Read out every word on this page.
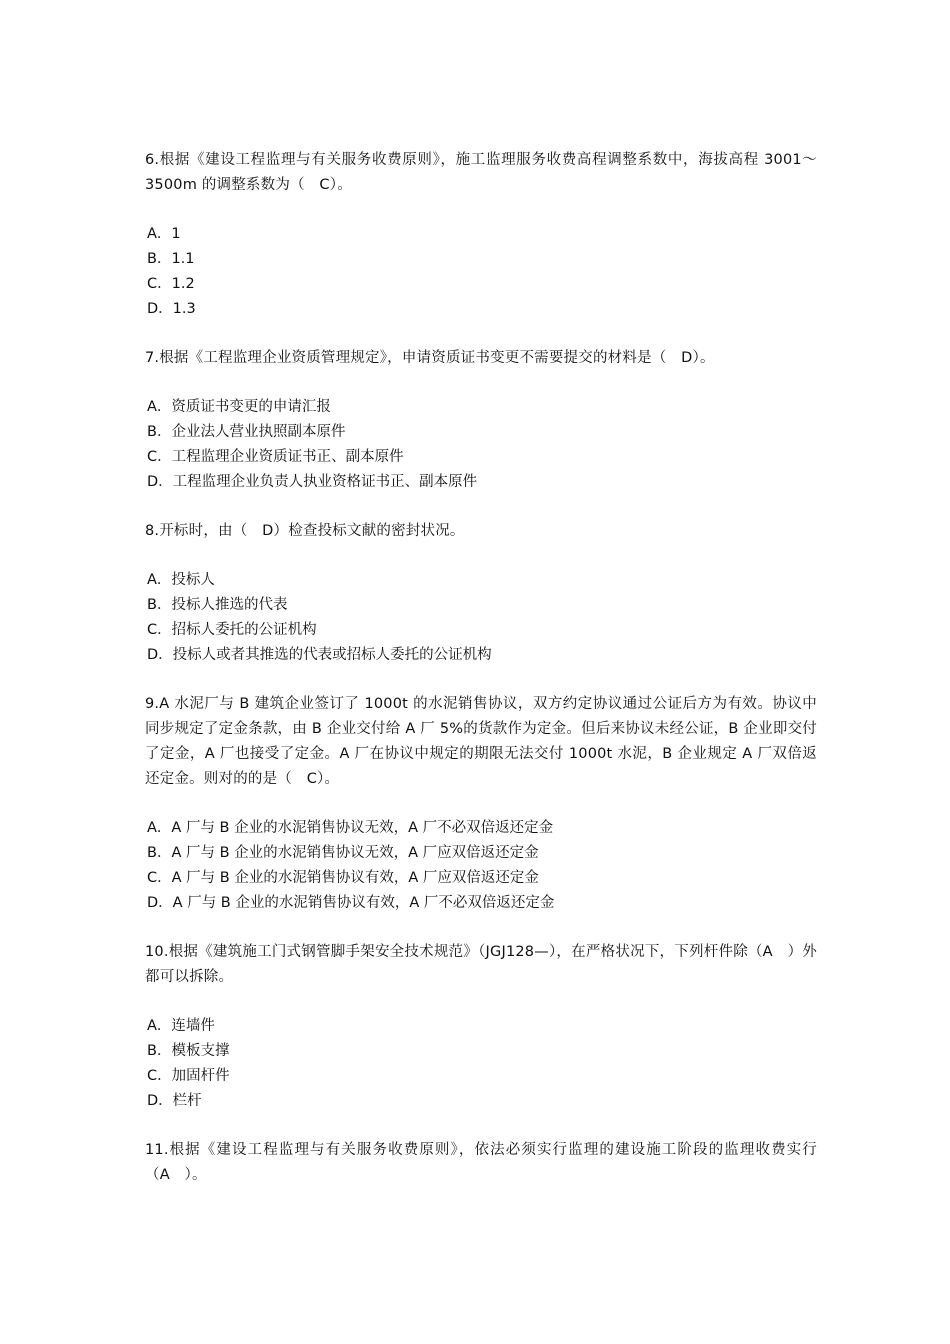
6.根据《建设工程监理与有关服务收费原则》，施工监理服务收费高程调整系数中，海拔高程 3001～3500m 的调整系数为（　C）。

A．1
B．1.1
C．1.2
D．1.3

7.根据《工程监理企业资质管理规定》，申请资质证书变更不需要提交的材料是（　D）。

A．资质证书变更的申请汇报
B．企业法人营业执照副本原件
C．工程监理企业资质证书正、副本原件
D．工程监理企业负责人执业资格证书正、副本原件

8.开标时，由（　D）检查投标文献的密封状况。

A．投标人
B．投标人推选的代表
C．招标人委托的公证机构
D．投标人或者其推选的代表或招标人委托的公证机构

9.A 水泥厂与 B 建筑企业签订了 1000t 的水泥销售协议，双方约定协议通过公证后方为有效。协议中同步规定了定金条款，由 B 企业交付给 A 厂 5%的货款作为定金。但后来协议未经公证，B 企业即交付了定金，A 厂也接受了定金。A 厂在协议中规定的期限无法交付 1000t 水泥，B 企业规定 A 厂双倍返还定金。则对的的是（　C）。

A．A 厂与 B 企业的水泥销售协议无效，A 厂不必双倍返还定金
B．A 厂与 B 企业的水泥销售协议无效，A 厂应双倍返还定金
C．A 厂与 B 企业的水泥销售协议有效，A 厂应双倍返还定金
D．A 厂与 B 企业的水泥销售协议有效，A 厂不必双倍返还定金

10.根据《建筑施工门式钢管脚手架安全技术规范》（JGJ128—），在严格状况下，下列杆件除（A　）外都可以拆除。

A．连墙件
B．模板支撑
C．加固杆件
D．栏杆

11.根据《建设工程监理与有关服务收费原则》，依法必须实行监理的建设施工阶段的监理收费实行（A　）。
